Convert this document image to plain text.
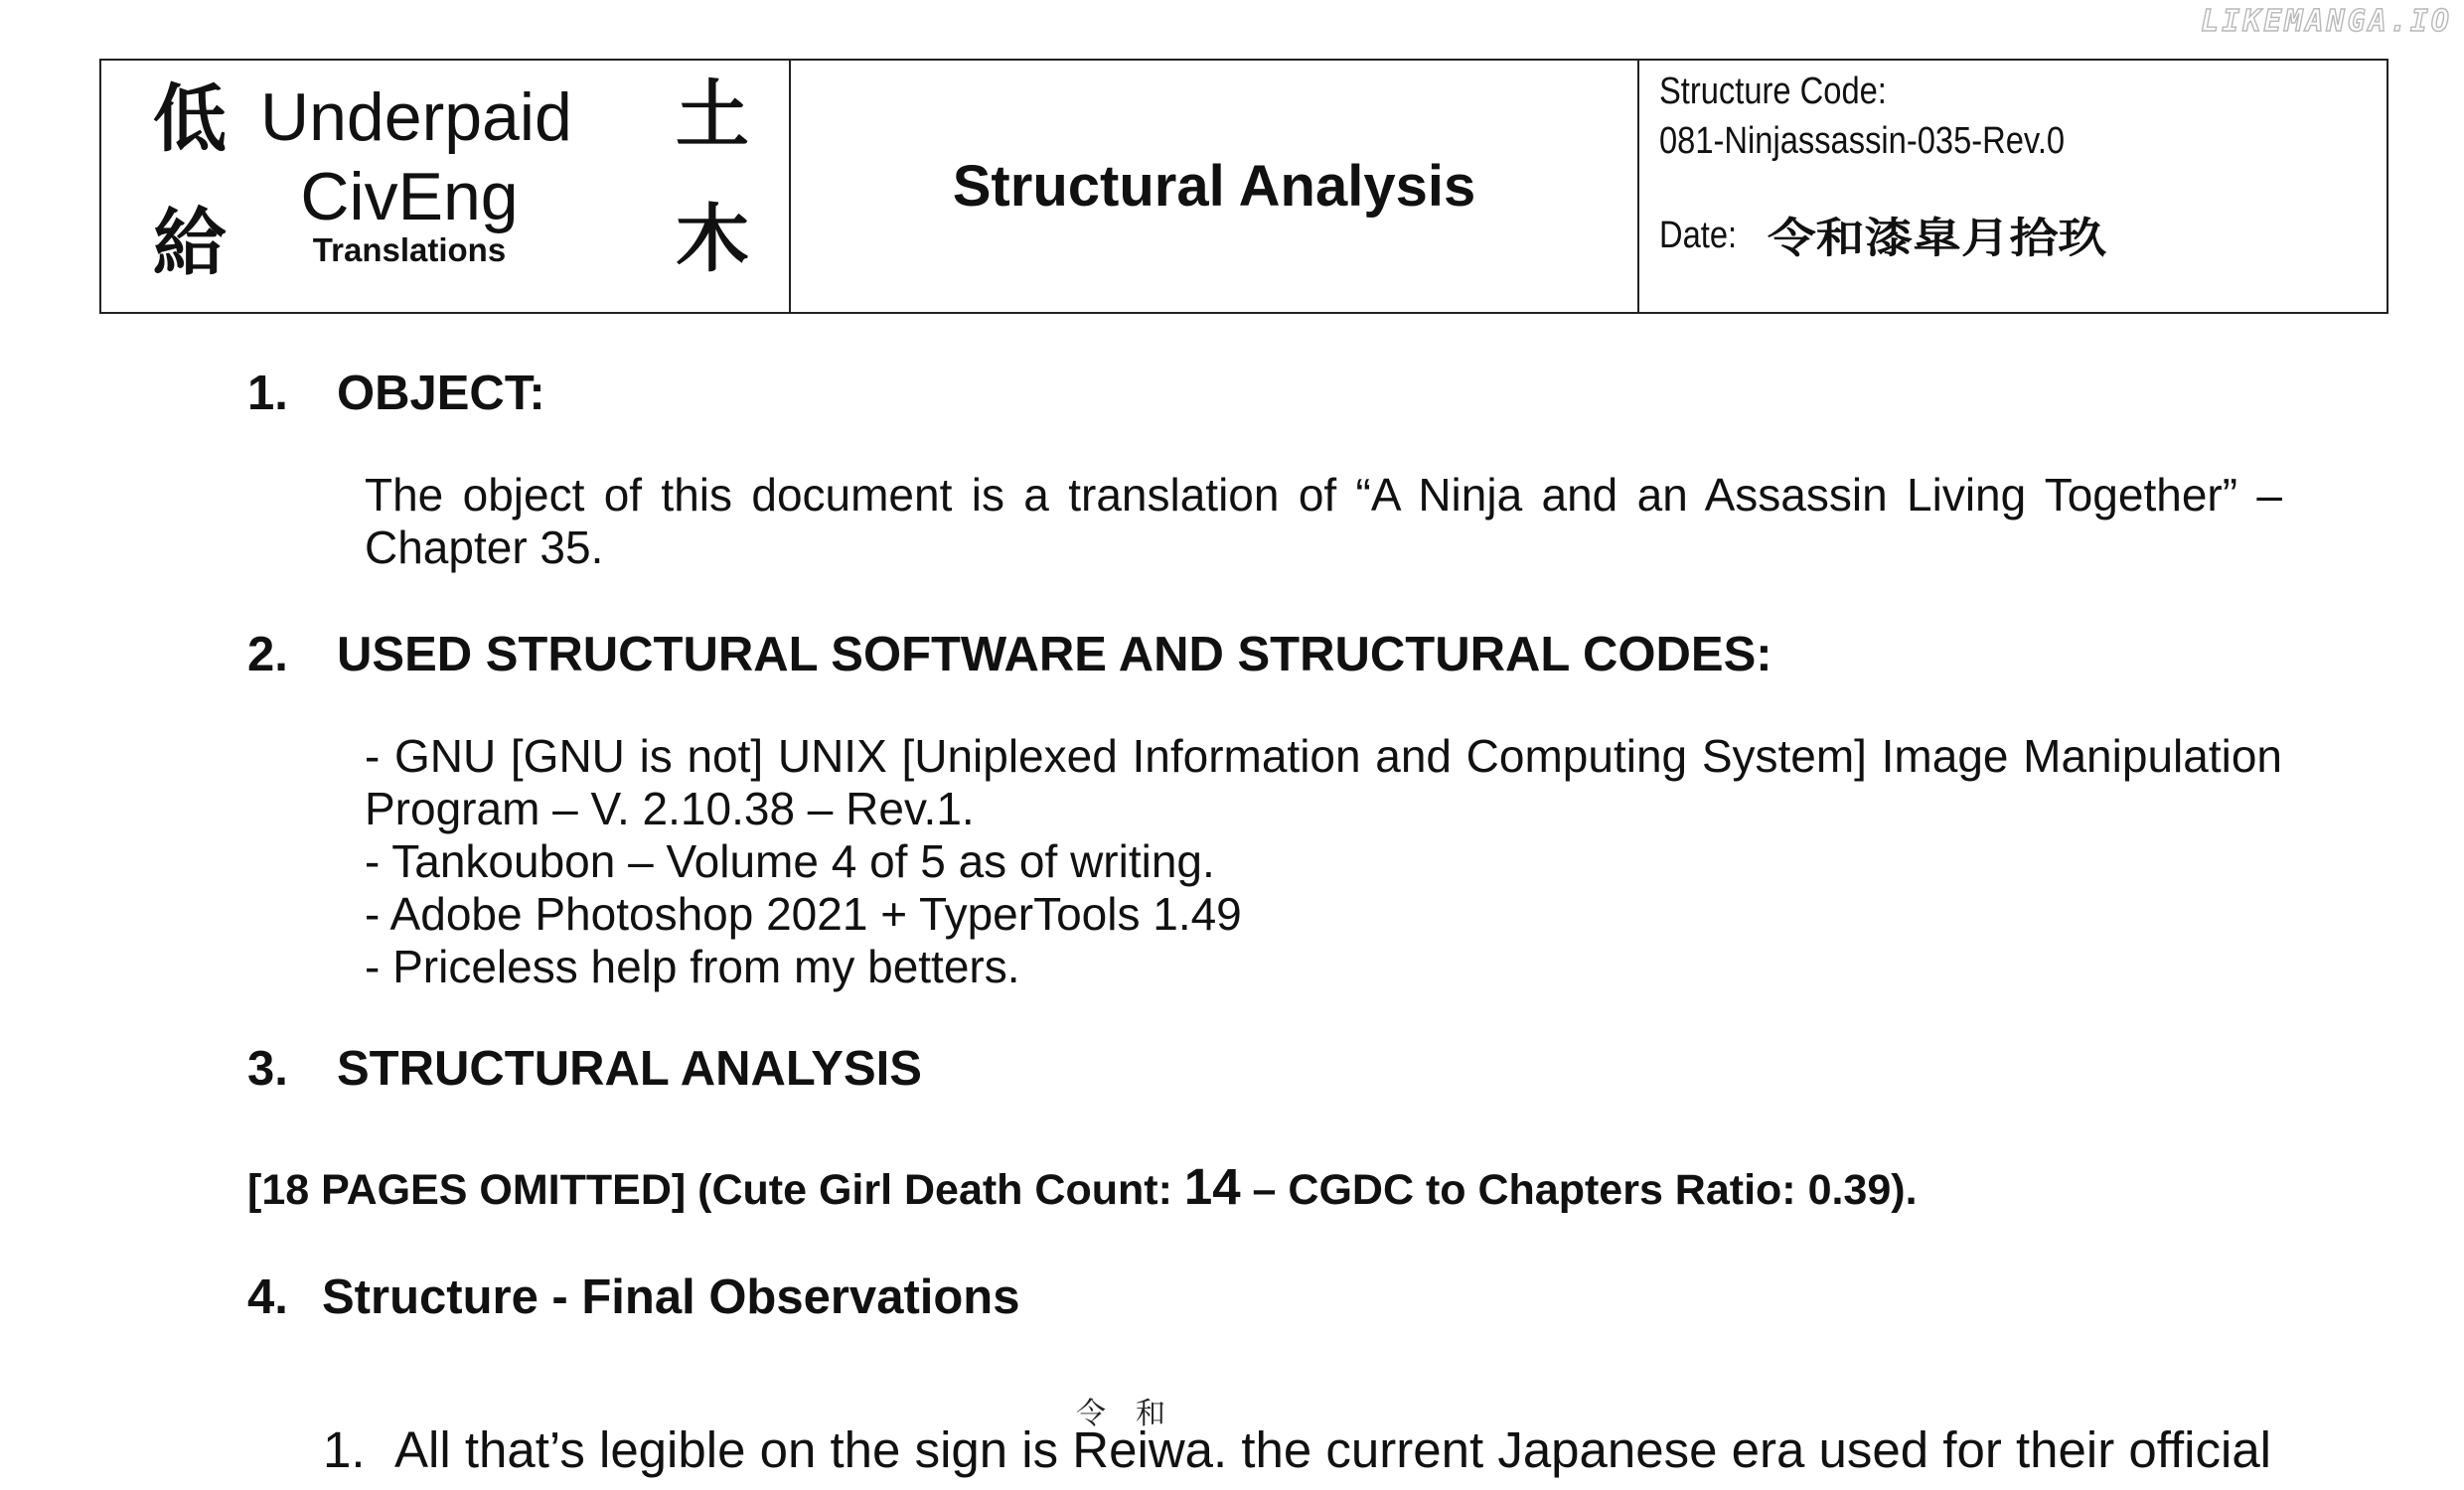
LIKEMANGA.IO
低
給
土
木
Underpaid
CivEng
Translations
Structural Analysis
Structure Code:
081-Ninjassassin-035-Rev.0
Date: 令和漆皐月拾玖
1. OBJECT:
The object of this document is a translation of “A Ninja and an Assassin Living Together” – Chapter 35.
2. USED STRUCTURAL SOFTWARE AND STRUCTURAL CODES:
- GNU [GNU is not] UNIX [Uniplexed Information and Computing System] Image Manipulation Program – V. 2.10.38 – Rev.1.
- Tankoubon – Volume 4 of 5 as of writing.
- Adobe Photoshop 2021 + TyperTools 1.49
- Priceless help from my betters.
3. STRUCTURAL ANALYSIS
[18 PAGES OMITTED] (Cute Girl Death Count: 14 – CGDC to Chapters Ratio: 0.39).
4. Structure - Final Observations
令和
1. All that’s legible on the sign is Reiwa. the current Japanese era used for their official
